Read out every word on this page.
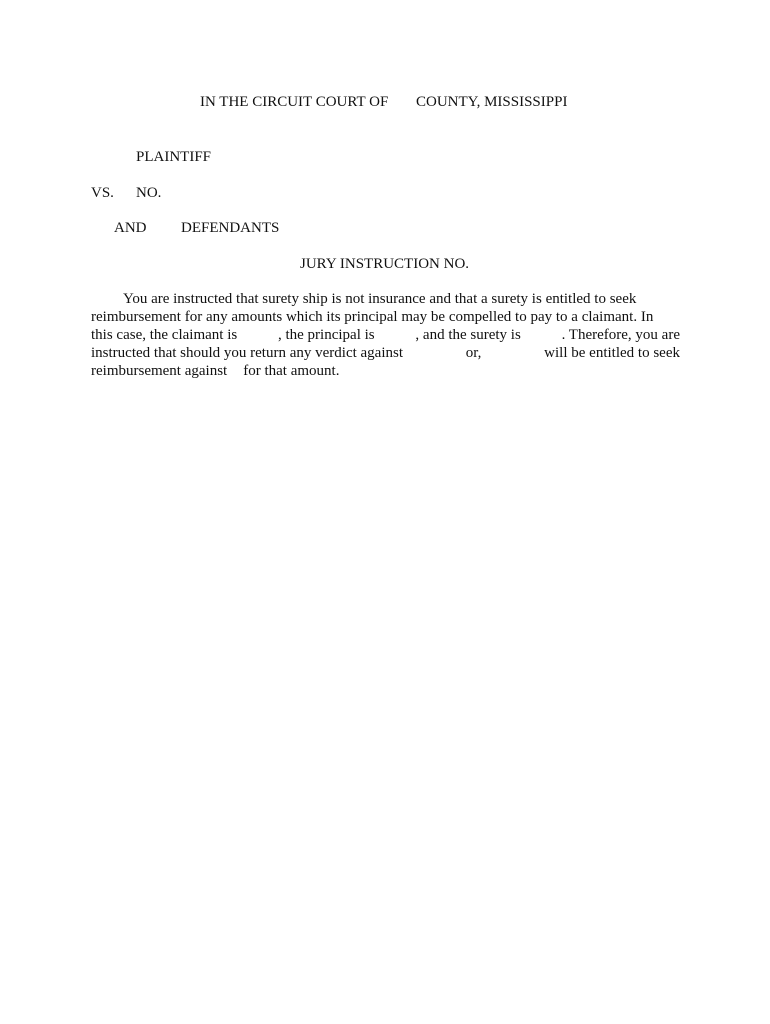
IN THE CIRCUIT COURT OF COUNTY, MISSISSIPPI
PLAINTIFF
VS. NO.
AND DEFENDANTS
JURY INSTRUCTION NO.
You are instructed that surety ship is not insurance and that a surety is entitled to seek
reimbursement for any amounts which its principal may be compelled to pay to a claimant. In
this case, the claimant is	, the principal is	, and the surety is	. Therefore, you are
instructed that should you return any verdict against	or,	will be entitled to seek
reimbursement against for that amount.
